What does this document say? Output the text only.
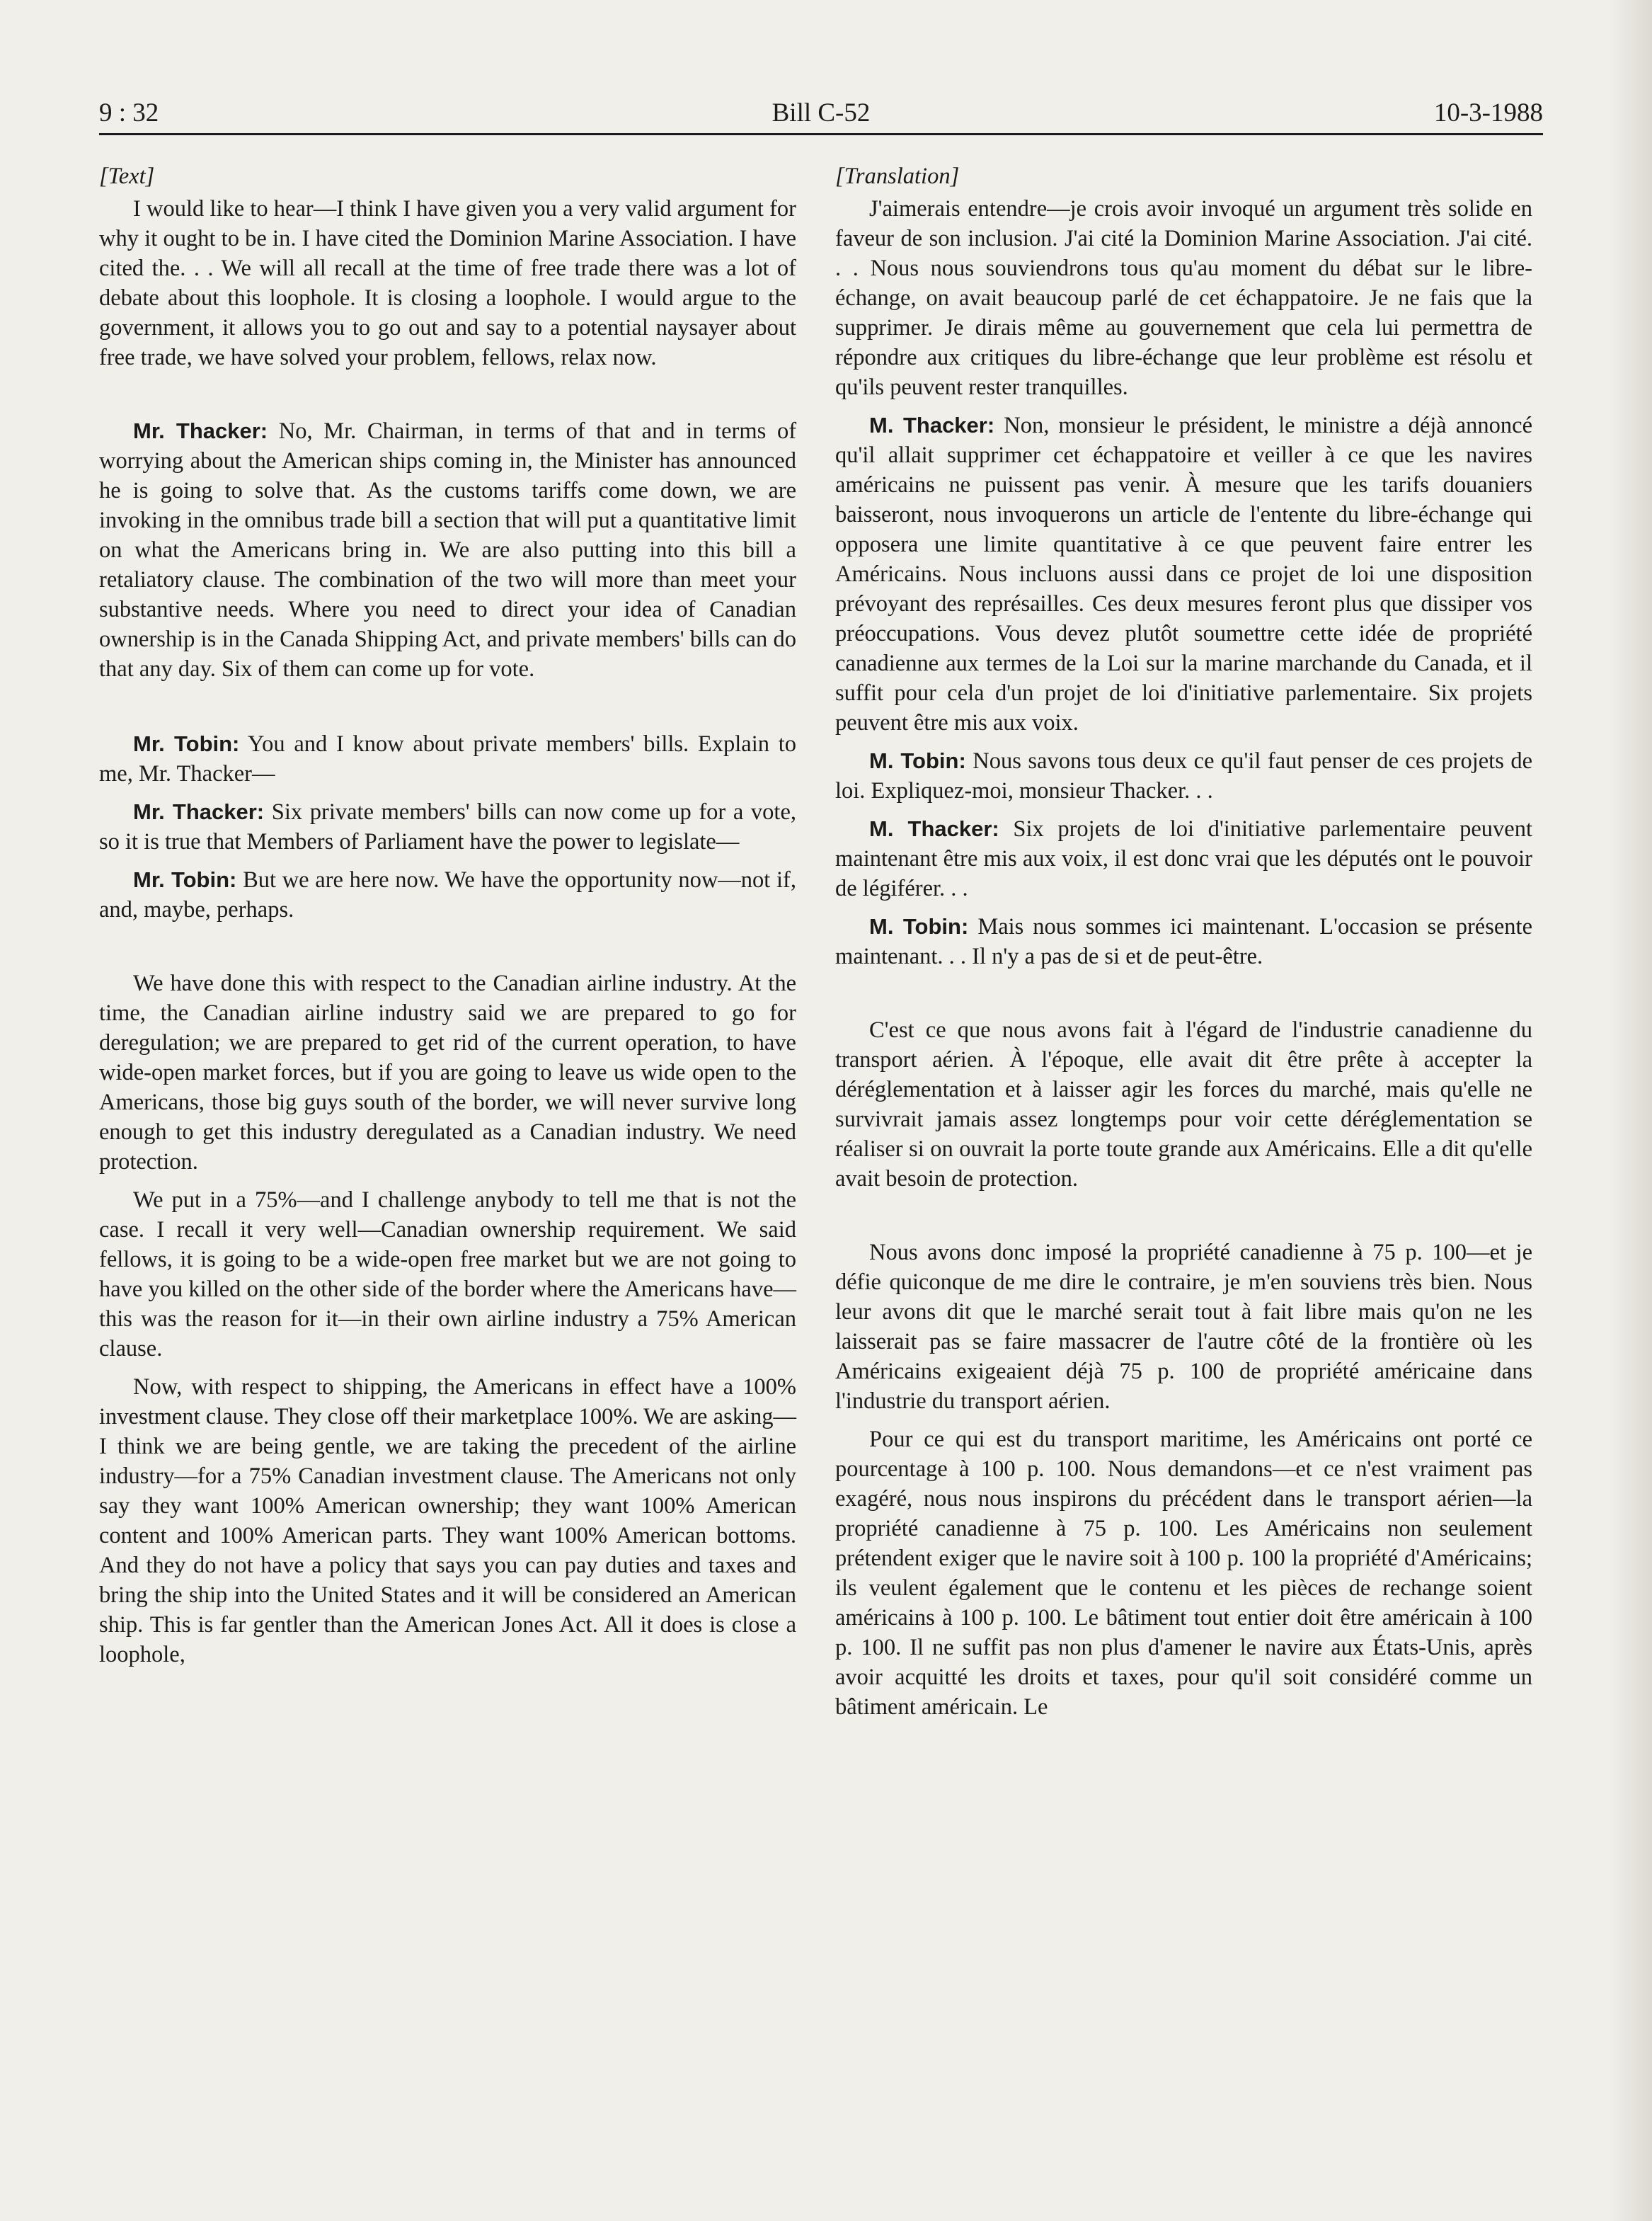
9 : 32	Bill C-52	10-3-1988

[Text]

I would like to hear—I think I have given you a very valid argument for why it ought to be in. I have cited the Dominion Marine Association. I have cited the. . . We will all recall at the time of free trade there was a lot of debate about this loophole. It is closing a loophole. I would argue to the government, it allows you to go out and say to a potential naysayer about free trade, we have solved your problem, fellows, relax now.

Mr. Thacker: No, Mr. Chairman, in terms of that and in terms of worrying about the American ships coming in, the Minister has announced he is going to solve that. As the customs tariffs come down, we are invoking in the omnibus trade bill a section that will put a quantitative limit on what the Americans bring in. We are also putting into this bill a retaliatory clause. The combination of the two will more than meet your substantive needs. Where you need to direct your idea of Canadian ownership is in the Canada Shipping Act, and private members' bills can do that any day. Six of them can come up for vote.

Mr. Tobin: You and I know about private members' bills. Explain to me, Mr. Thacker—

Mr. Thacker: Six private members' bills can now come up for a vote, so it is true that Members of Parliament have the power to legislate—

Mr. Tobin: But we are here now. We have the opportunity now—not if, and, maybe, perhaps.

We have done this with respect to the Canadian airline industry. At the time, the Canadian airline industry said we are prepared to go for deregulation; we are prepared to get rid of the current operation, to have wide-open market forces, but if you are going to leave us wide open to the Americans, those big guys south of the border, we will never survive long enough to get this industry deregulated as a Canadian industry. We need protection.

We put in a 75%—and I challenge anybody to tell me that is not the case. I recall it very well—Canadian ownership requirement. We said fellows, it is going to be a wide-open free market but we are not going to have you killed on the other side of the border where the Americans have—this was the reason for it—in their own airline industry a 75% American clause.

Now, with respect to shipping, the Americans in effect have a 100% investment clause. They close off their marketplace 100%. We are asking—I think we are being gentle, we are taking the precedent of the airline industry—for a 75% Canadian investment clause. The Americans not only say they want 100% American ownership; they want 100% American content and 100% American parts. They want 100% American bottoms. And they do not have a policy that says you can pay duties and taxes and bring the ship into the United States and it will be considered an American ship. This is far gentler than the American Jones Act. All it does is close a loophole,

[Translation]

J'aimerais entendre—je crois avoir invoqué un argument très solide en faveur de son inclusion. J'ai cité la Dominion Marine Association. J'ai cité. . . Nous nous souviendrons tous qu'au moment du débat sur le libre-échange, on avait beaucoup parlé de cet échappatoire. Je ne fais que la supprimer. Je dirais même au gouvernement que cela lui permettra de répondre aux critiques du libre-échange que leur problème est résolu et qu'ils peuvent rester tranquilles.

M. Thacker: Non, monsieur le président, le ministre a déjà annoncé qu'il allait supprimer cet échappatoire et veiller à ce que les navires américains ne puissent pas venir. À mesure que les tarifs douaniers baisseront, nous invoquerons un article de l'entente du libre-échange qui opposera une limite quantitative à ce que peuvent faire entrer les Américains. Nous incluons aussi dans ce projet de loi une disposition prévoyant des représailles. Ces deux mesures feront plus que dissiper vos préoccupations. Vous devez plutôt soumettre cette idée de propriété canadienne aux termes de la Loi sur la marine marchande du Canada, et il suffit pour cela d'un projet de loi d'initiative parlementaire. Six projets peuvent être mis aux voix.

M. Tobin: Nous savons tous deux ce qu'il faut penser de ces projets de loi. Expliquez-moi, monsieur Thacker. . .

M. Thacker: Six projets de loi d'initiative parlementaire peuvent maintenant être mis aux voix, il est donc vrai que les députés ont le pouvoir de légiférer. . .

M. Tobin: Mais nous sommes ici maintenant. L'occasion se présente maintenant. . . Il n'y a pas de si et de peut-être.

C'est ce que nous avons fait à l'égard de l'industrie canadienne du transport aérien. À l'époque, elle avait dit être prête à accepter la déréglementation et à laisser agir les forces du marché, mais qu'elle ne survivrait jamais assez longtemps pour voir cette déréglementation se réaliser si on ouvrait la porte toute grande aux Américains. Elle a dit qu'elle avait besoin de protection.

Nous avons donc imposé la propriété canadienne à 75 p. 100—et je défie quiconque de me dire le contraire, je m'en souviens très bien. Nous leur avons dit que le marché serait tout à fait libre mais qu'on ne les laisserait pas se faire massacrer de l'autre côté de la frontière où les Américains exigeaient déjà 75 p. 100 de propriété américaine dans l'industrie du transport aérien.

Pour ce qui est du transport maritime, les Américains ont porté ce pourcentage à 100 p. 100. Nous demandons—et ce n'est vraiment pas exagéré, nous nous inspirons du précédent dans le transport aérien—la propriété canadienne à 75 p. 100. Les Américains non seulement prétendent exiger que le navire soit à 100 p. 100 la propriété d'Américains; ils veulent également que le contenu et les pièces de rechange soient américains à 100 p. 100. Le bâtiment tout entier doit être américain à 100 p. 100. Il ne suffit pas non plus d'amener le navire aux États-Unis, après avoir acquitté les droits et taxes, pour qu'il soit considéré comme un bâtiment américain. Le
